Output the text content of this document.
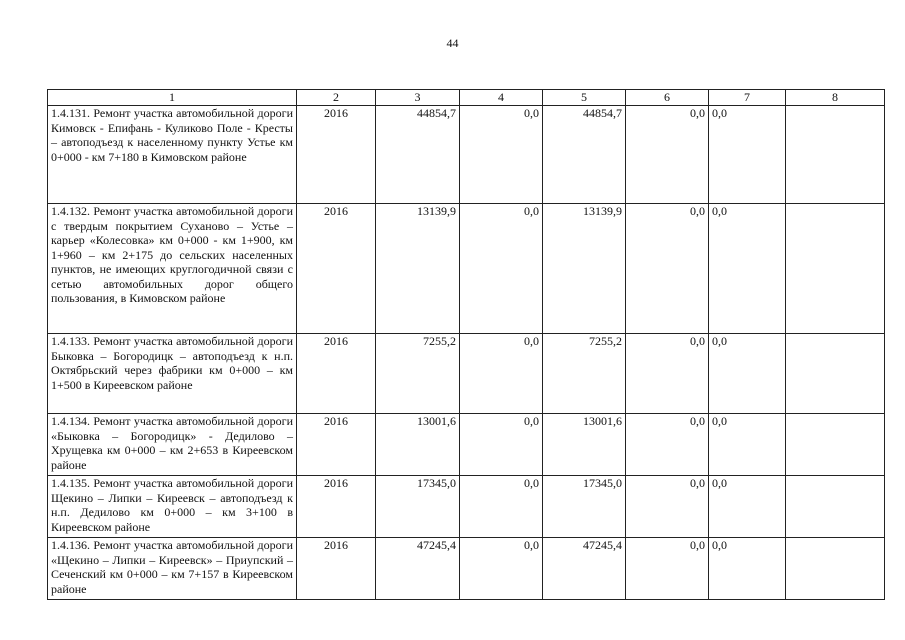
44
1	2	3	4	5	6	7	8
1.4.131. Ремонт участка автомобильной дороги Кимовск - Епифань - Куликово Поле - Кресты – автоподъезд к населенному пункту Устье км 0+000 - км 7+180 в Кимовском районе	2016	44854,7	0,0	44854,7	0,0	0,0	
1.4.132. Ремонт участка автомобильной дороги с твердым покрытием Суханово – Устье – карьер «Колесовка» км 0+000 - км 1+900, км 1+960 – км 2+175 до сельских населенных пунктов, не имеющих круглогодичной связи с сетью автомобильных дорог общего пользования, в Кимовском районе	2016	13139,9	0,0	13139,9	0,0	0,0	
1.4.133. Ремонт участка автомобильной дороги Быковка – Богородицк – автоподъезд к н.п. Октябрьский через фабрики км 0+000 – км 1+500 в Киреевском районе	2016	7255,2	0,0	7255,2	0,0	0,0	
1.4.134. Ремонт участка автомобильной дороги «Быковка – Богородицк» - Дедилово – Хрущевка км 0+000 – км 2+653 в Киреевском районе	2016	13001,6	0,0	13001,6	0,0	0,0	
1.4.135. Ремонт участка автомобильной дороги Щекино – Липки – Киреевск – автоподъезд к н.п. Дедилово км 0+000 – км 3+100 в Киреевском районе	2016	17345,0	0,0	17345,0	0,0	0,0	
1.4.136. Ремонт участка автомобильной дороги «Щекино – Липки – Киреевск» – Приупский – Сеченский км 0+000 – км 7+157 в Киреевском районе	2016	47245,4	0,0	47245,4	0,0	0,0	
